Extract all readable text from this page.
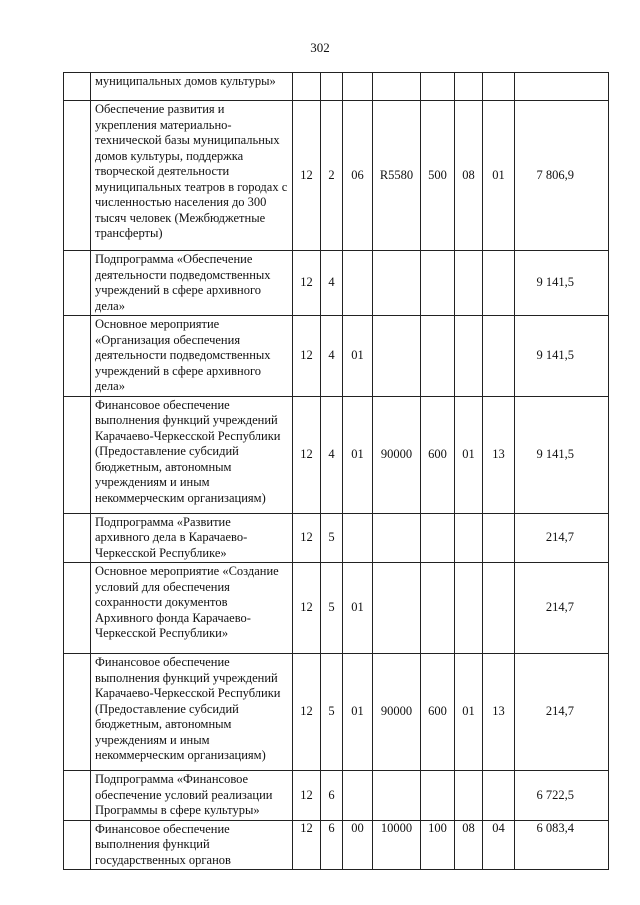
302
	муниципальных домов культуры»								
	Обеспечение развития и укрепления материально-технической базы муниципальных домов культуры, поддержка творческой деятельности муниципальных театров в городах с численностью населения до 300 тысяч человек (Межбюджетные трансферты)	12	2	06	R5580	500	08	01	7 806,9
	Подпрограмма «Обеспечение деятельности подведомственных учреждений в сфере архивного дела»	12	4						9 141,5
	Основное мероприятие «Организация обеспечения деятельности подведомственных учреждений в сфере архивного дела»	12	4	01					9 141,5
	Финансовое обеспечение выполнения функций учреждений Карачаево-Черкесской Республики (Предоставление субсидий бюджетным, автономным учреждениям и иным некоммерческим организациям)	12	4	01	90000	600	01	13	9 141,5
	Подпрограмма «Развитие архивного дела в Карачаево-Черкесской Республике»	12	5						214,7
	Основное мероприятие «Создание условий для обеспечения сохранности документов Архивного фонда Карачаево-Черкесской Республики»	12	5	01					214,7
	Финансовое обеспечение выполнения функций учреждений Карачаево-Черкесской Республики (Предоставление субсидий бюджетным, автономным учреждениям и иным некоммерческим организациям)	12	5	01	90000	600	01	13	214,7
	Подпрограмма «Финансовое обеспечение условий реализации Программы в сфере культуры»	12	6						6 722,5
	Финансовое обеспечение выполнения функций государственных органов	12	6	00	10000	100	08	04	6 083,4
